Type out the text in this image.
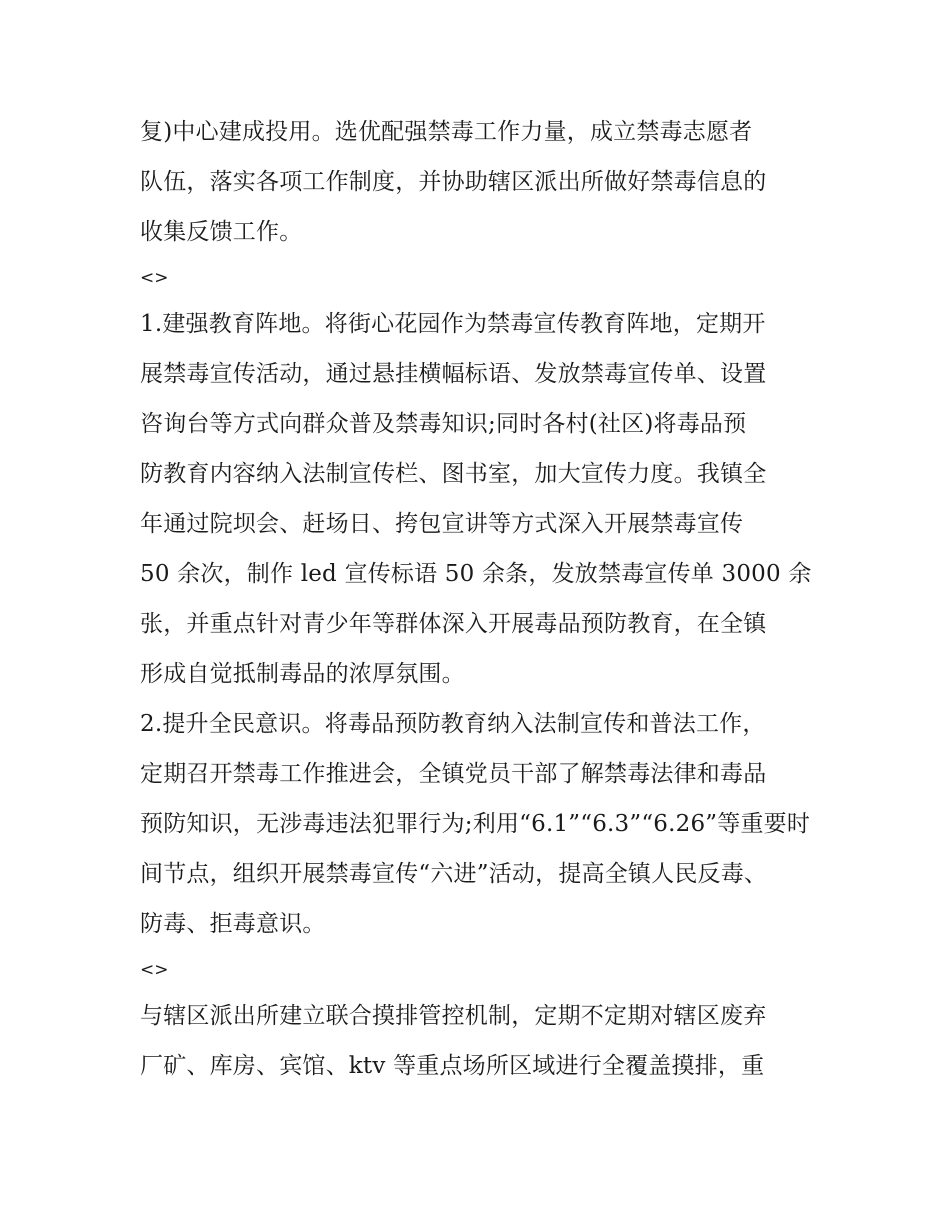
复)中心建成投用。选优配强禁毒工作力量，成立禁毒志愿者
队伍，落实各项工作制度，并协助辖区派出所做好禁毒信息的
收集反馈工作。
<>
1.建强教育阵地。将街心花园作为禁毒宣传教育阵地，定期开
展禁毒宣传活动，通过悬挂横幅标语、发放禁毒宣传单、设置
咨询台等方式向群众普及禁毒知识;同时各村(社区)将毒品预
防教育内容纳入法制宣传栏、图书室，加大宣传力度。我镇全
年通过院坝会、赶场日、挎包宣讲等方式深入开展禁毒宣传
50 余次，制作 led 宣传标语 50 余条，发放禁毒宣传单 3000 余
张，并重点针对青少年等群体深入开展毒品预防教育，在全镇
形成自觉抵制毒品的浓厚氛围。
2.提升全民意识。将毒品预防教育纳入法制宣传和普法工作，
定期召开禁毒工作推进会，全镇党员干部了解禁毒法律和毒品
预防知识，无涉毒违法犯罪行为;利用“6.1”“6.3”“6.26”等重要时
间节点，组织开展禁毒宣传“六进”活动，提高全镇人民反毒、
防毒、拒毒意识。
<>
与辖区派出所建立联合摸排管控机制，定期不定期对辖区废弃
厂矿、库房、宾馆、ktv 等重点场所区域进行全覆盖摸排，重
